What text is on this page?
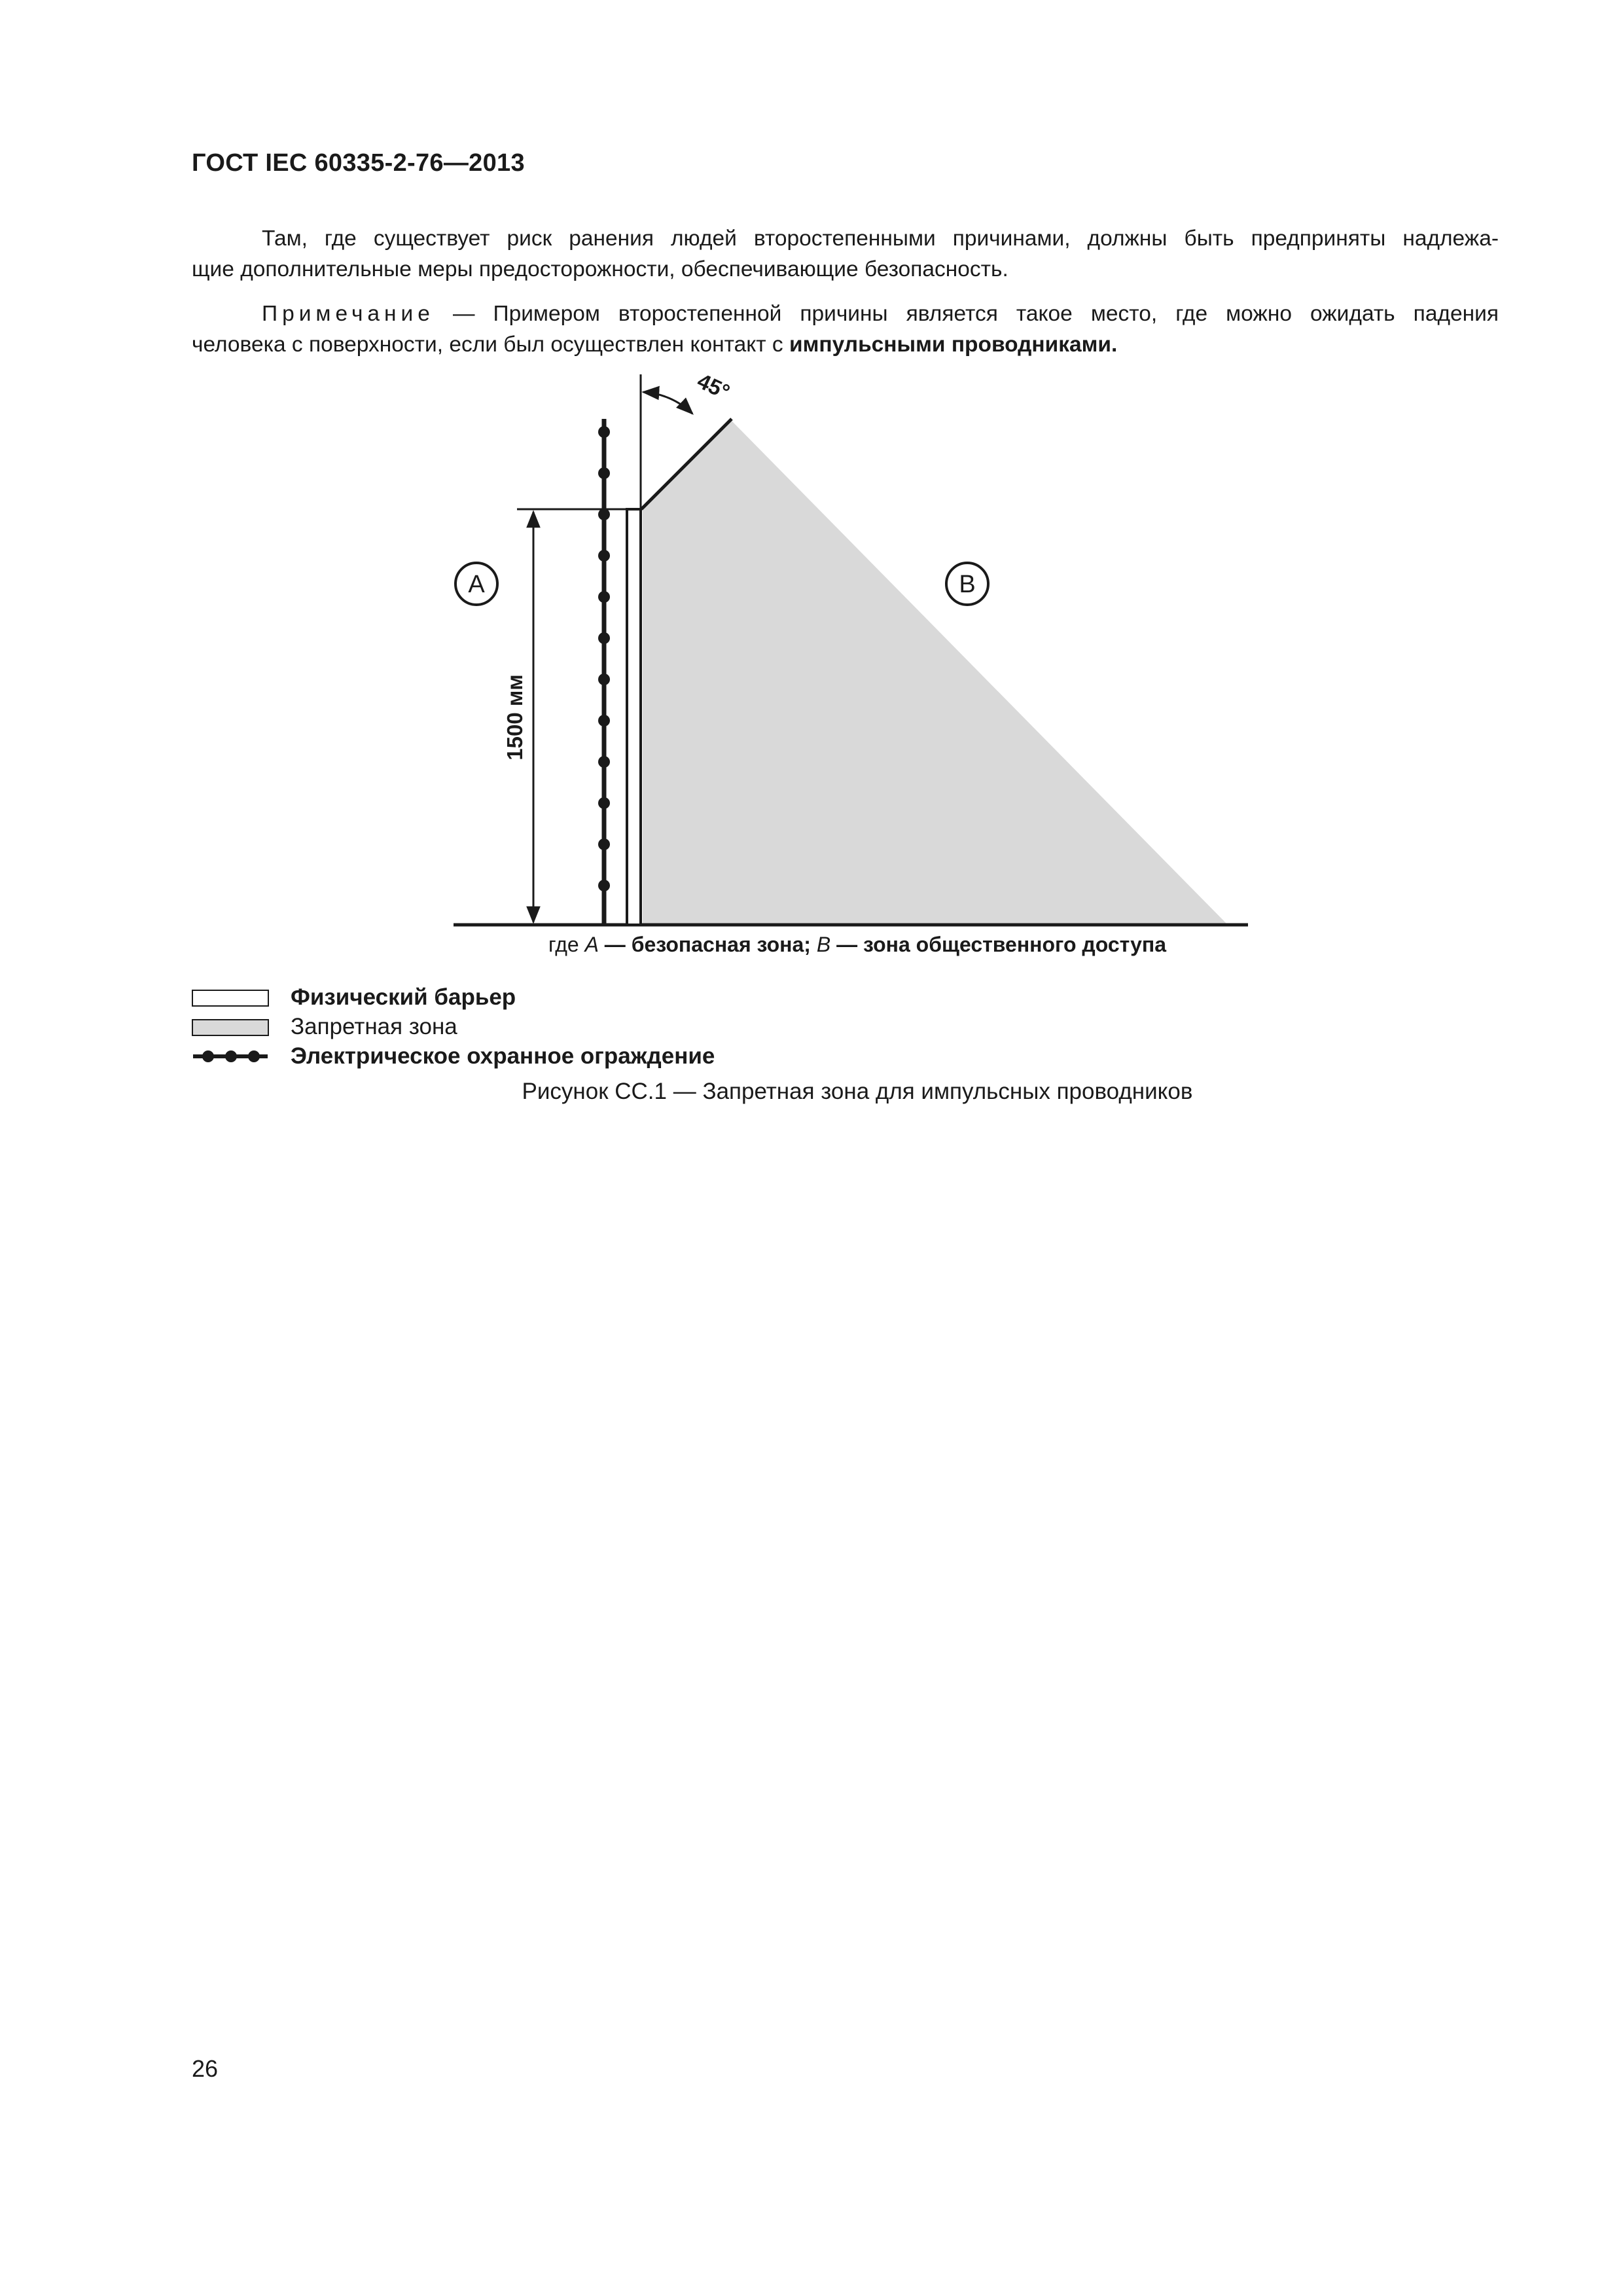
ГОСТ IEC 60335-2-76—2013
Там, где существует риск ранения людей второстепенными причинами, должны быть предприняты надлежа-
щие дополнительные меры предосторожности, обеспечивающие безопасность.
Примечание — Примером второстепенной причины является такое место, где можно ожидать падения
человека с поверхности, если был осуществлен контакт с импульсными проводниками.
45°
1500 мм
A	B
где A — безопасная зона; B — зона общественного доступа
Физический барьер
Запретная зона
Электрическое охранное ограждение
Рисунок СС.1 — Запретная зона для импульсных проводников
26
